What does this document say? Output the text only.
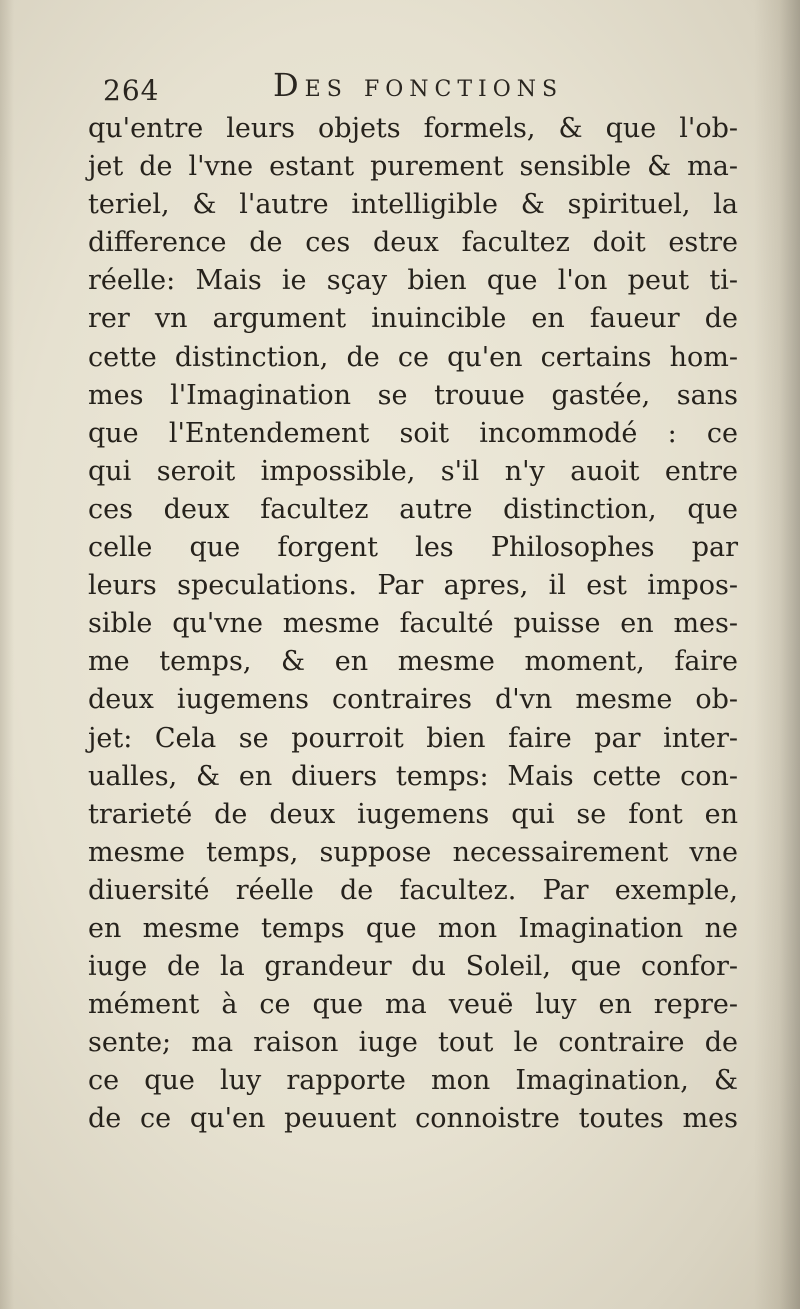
264	Des fonctions
qu'entre leurs objets formels, & que l'ob-
jet de l'vne estant purement sensible & ma-
teriel, & l'autre intelligible & spirituel, la
difference de ces deux facultez doit estre
réelle: Mais ie sçay bien que l'on peut ti-
rer vn argument inuincible en faueur de
cette distinction, de ce qu'en certains hom-
mes l'Imagination se trouue gastée, sans
que l'Entendement soit incommodé : ce
qui seroit impossible, s'il n'y auoit entre
ces deux facultez autre distinction, que
celle que forgent les Philosophes par
leurs speculations. Par apres, il est impos-
sible qu'vne mesme faculté puisse en mes-
me temps, & en mesme moment, faire
deux iugemens contraires d'vn mesme ob-
jet: Cela se pourroit bien faire par inter-
ualles, & en diuers temps: Mais cette con-
trarieté de deux iugemens qui se font en
mesme temps, suppose necessairement vne
diuersité réelle de facultez. Par exemple,
en mesme temps que mon Imagination ne
iuge de la grandeur du Soleil, que confor-
mément à ce que ma veuë luy en repre-
sente; ma raison iuge tout le contraire de
ce que luy rapporte mon Imagination, &
de ce qu'en peuuent connoistre toutes mes
